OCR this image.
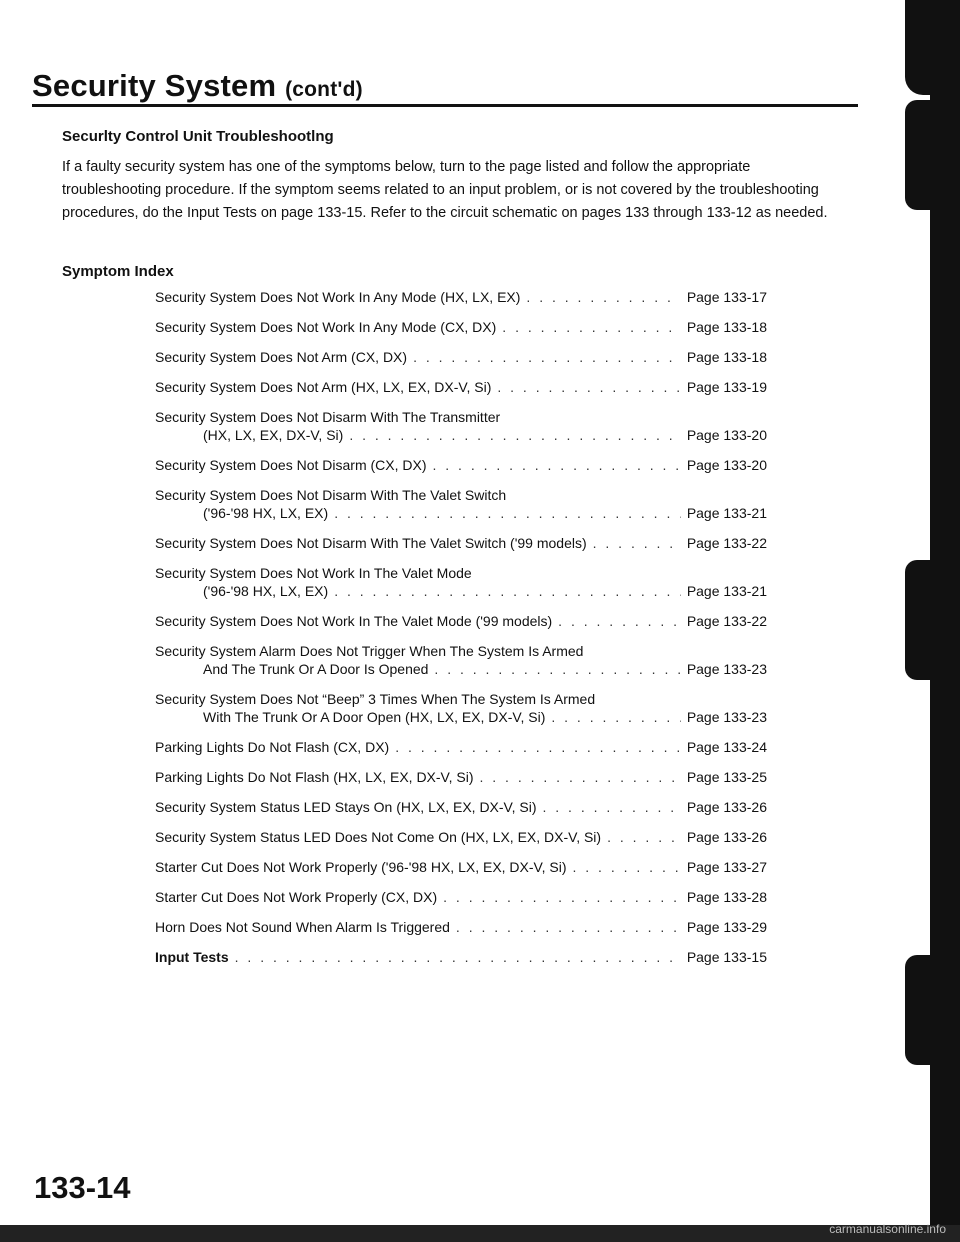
Security System (cont'd)
Securlty Control Unit Troubleshootlng

If a faulty security system has one of the symptoms below, turn to the page listed and follow the appropriate troubleshooting procedure. If the symptom seems related to an input problem, or is not covered by the troubleshooting procedures, do the Input Tests on page 133-15. Refer to the circuit schematic on pages 133 through 133-12 as needed.

Symptom Index
Security System Does Not Work In Any Mode (HX, LX, EX) . . .	Page 133-17
Security System Does Not Work In Any Mode (CX, DX) . . .	Page 133-18
Security System Does Not Arm (CX, DX) . . .	Page 133-18
Security System Does Not Arm (HX, LX, EX, DX-V, Si) . . .	Page 133-19
Security System Does Not Disarm With The Transmitter
(HX, LX, EX, DX-V, Si) . . .	Page 133-20
Security System Does Not Disarm (CX, DX) . . .	Page 133-20
Security System Does Not Disarm With The Valet Switch
('96-'98 HX, LX, EX) . . .	Page 133-21
Security System Does Not Disarm With The Valet Switch ('99 models) . . .	Page 133-22
Security System Does Not Work In The Valet Mode
('96-'98 HX, LX, EX) . . .	Page 133-21
Security System Does Not Work In The Valet Mode ('99 models) . . .	Page 133-22
Security System Alarm Does Not Trigger When The System Is Armed
And The Trunk Or A Door Is Opened . . .	Page 133-23
Security System Does Not “Beep” 3 Times When The System Is Armed
With The Trunk Or A Door Open (HX, LX, EX, DX-V, Si) . . .	Page 133-23
Parking Lights Do Not Flash (CX, DX) . . .	Page 133-24
Parking Lights Do Not Flash (HX, LX, EX, DX-V, Si) . . .	Page 133-25
Security System Status LED Stays On (HX, LX, EX, DX-V, Si) . . .	Page 133-26
Security System Status LED Does Not Come On (HX, LX, EX, DX-V, Si) . . .	Page 133-26
Starter Cut Does Not Work Properly ('96-'98 HX, LX, EX, DX-V, Si) . . .	Page 133-27
Starter Cut Does Not Work Properly (CX, DX) . . .	Page 133-28
Horn Does Not Sound When Alarm Is Triggered . . .	Page 133-29
Input Tests . . .	Page 133-15
133-14
carmanualsonline.info
